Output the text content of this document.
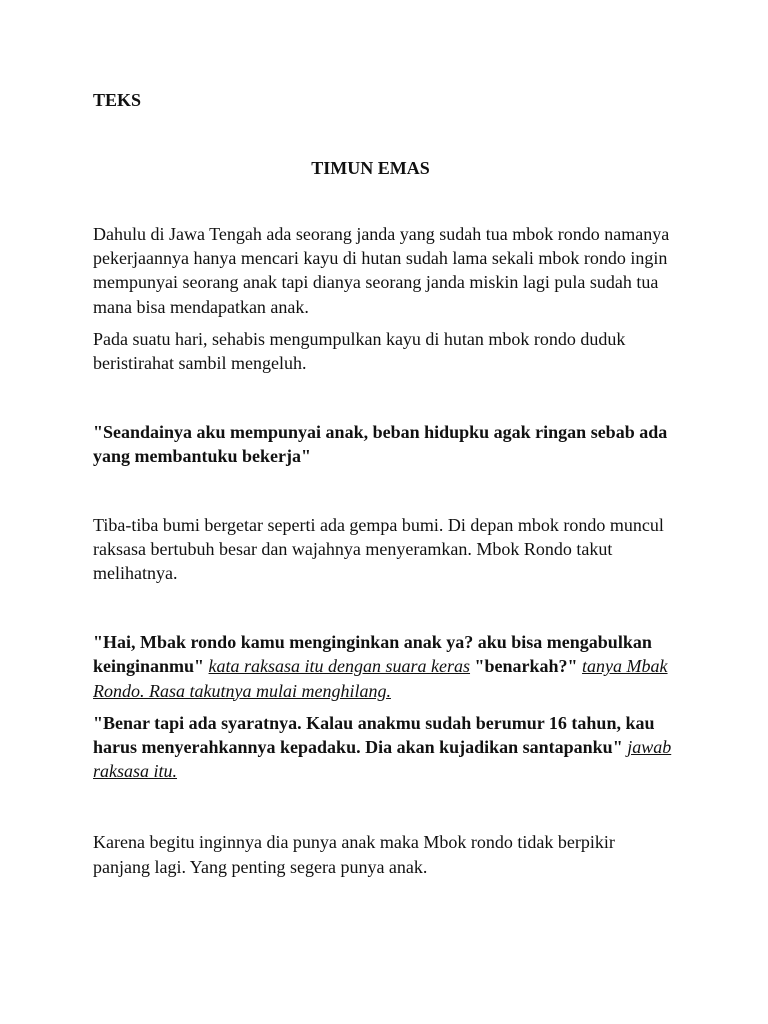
TEKS

TIMUN EMAS

Dahulu di Jawa Tengah ada seorang janda yang sudah tua mbok rondo namanya pekerjaannya hanya mencari kayu di hutan sudah lama sekali mbok rondo ingin mempunyai seorang anak tapi dianya seorang janda miskin lagi pula sudah tua mana bisa mendapatkan anak.

Pada suatu hari, sehabis mengumpulkan kayu di hutan mbok rondo duduk beristirahat sambil mengeluh.

"Seandainya aku mempunyai anak, beban hidupku agak ringan sebab ada yang membantuku bekerja"

Tiba-tiba bumi bergetar seperti ada gempa bumi. Di depan mbok rondo muncul raksasa bertubuh besar dan wajahnya menyeramkan. Mbok Rondo takut melihatnya.

"Hai, Mbak rondo kamu menginginkan anak ya? aku bisa mengabulkan keinginanmu" kata raksasa itu dengan suara keras "benarkah?" tanya Mbak Rondo. Rasa takutnya mulai menghilang.

"Benar tapi ada syaratnya. Kalau anakmu sudah berumur 16 tahun, kau harus menyerahkannya kepadaku. Dia akan kujadikan santapanku" jawab raksasa itu.

Karena begitu inginnya dia punya anak maka Mbok rondo tidak berpikir panjang lagi. Yang penting segera punya anak.
